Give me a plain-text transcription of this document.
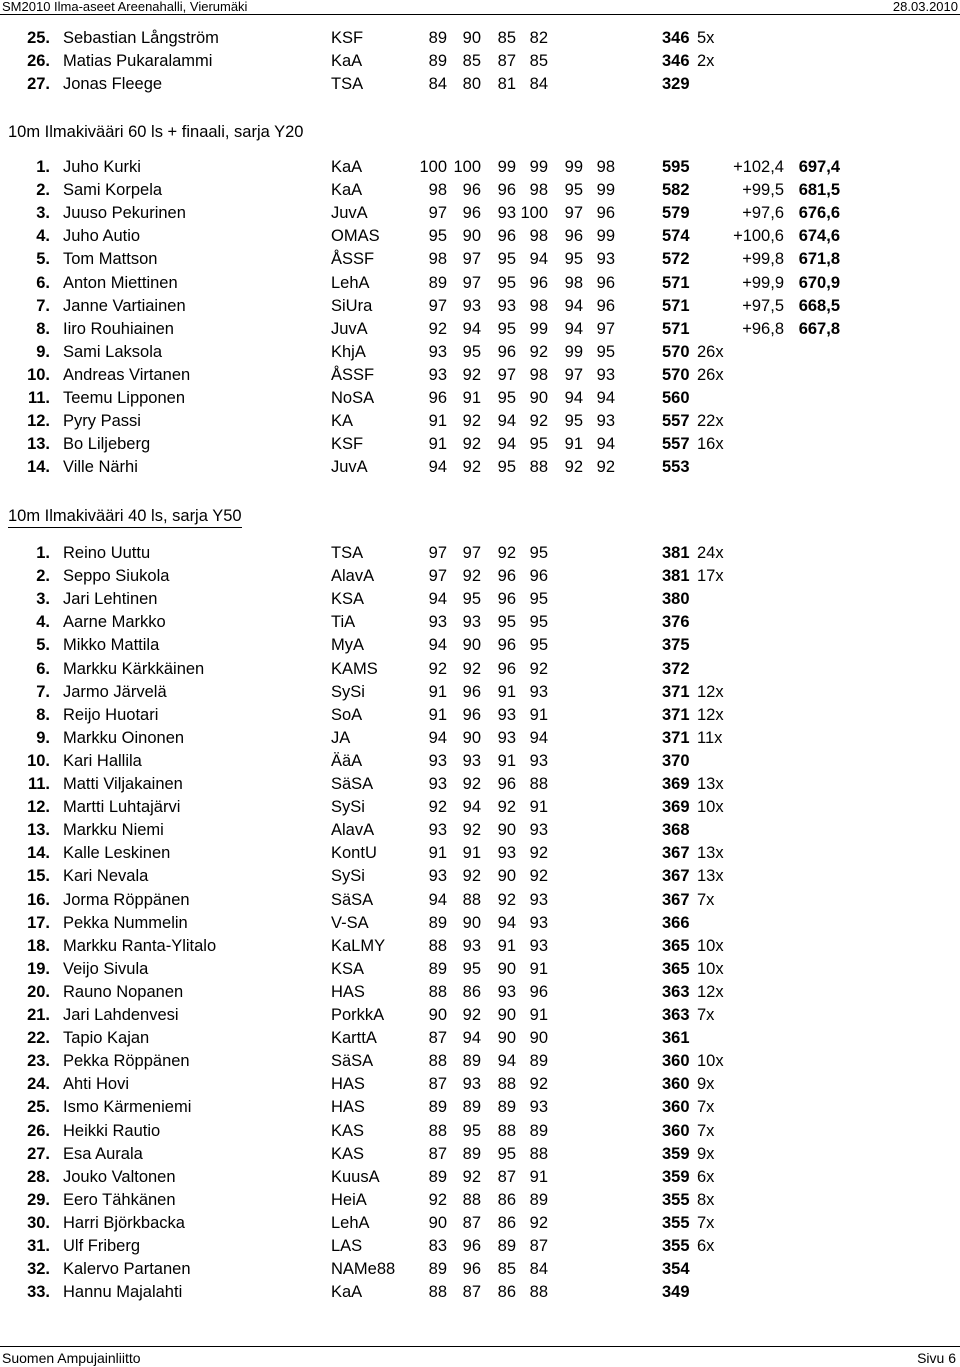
SM2010 Ilma-aseet Areenahalli, Vierumäki	28.03.2010
25. Sebastian Långström	KSF	89 90	85 82	346 5x
26. Matias Pukaralammi	KaA	89 85	87 85	346 2x
27. Jonas Fleege	TSA	84 80	81 84	329
10m Ilmakivääri 60 ls + finaali, sarja Y20
1. Juho Kurki	KaA	100 100	99 99	99 98	595	+102,4 697,4
2. Sami Korpela	KaA	98 96	96 98	95 99	582	+99,5 681,5
3. Juuso Pekurinen	JuvA	97 96	93 100	97 96	579	+97,6 676,6
4. Juho Autio	OMAS	95 90	96 98	96 99	574	+100,6 674,6
5. Tom Mattson	ÅSSF	98 97	95 94	95 93	572	+99,8 671,8
6. Anton Miettinen	LehA	89 97	95 96	98 96	571	+99,9 670,9
7. Janne Vartiainen	SiUra	97 93	93 98	94 96	571	+97,5 668,5
8. Iiro Rouhiainen	JuvA	92 94	95 99	94 97	571	+96,8 667,8
9. Sami Laksola	KhjA	93 95	96 92	99 95	570 26x
10. Andreas Virtanen	ÅSSF	93 92	97 98	97 93	570 26x
11. Teemu Lipponen	NoSA	96 91	95 90	94 94	560
12. Pyry Passi	KA	91 92	94 92	95 93	557 22x
13. Bo Liljeberg	KSF	91 92	94 95	91 94	557 16x
14. Ville Närhi	JuvA	94 92	95 88	92 92	553
10m Ilmakivääri 40 ls, sarja Y50
1. Reino Uuttu	TSA	97 97	92 95	381 24x
2. Seppo Siukola	AlavA	97 92	96 96	381 17x
3. Jari Lehtinen	KSA	94 95	96 95	380
4. Aarne Markko	TiA	93 93	95 95	376
5. Mikko Mattila	MyA	94 90	96 95	375
6. Markku Kärkkäinen	KAMS	92 92	96 92	372
7. Jarmo Järvelä	SySi	91 96	91 93	371 12x
8. Reijo Huotari	SoA	91 96	93 91	371 12x
9. Markku Oinonen	JA	94 90	93 94	371 11x
10. Kari Hallila	ÄäA	93 93	91 93	370
11. Matti Viljakainen	SäSA	93 92	96 88	369 13x
12. Martti Luhtajärvi	SySi	92 94	92 91	369 10x
13. Markku Niemi	AlavA	93 92	90 93	368
14. Kalle Leskinen	KontU	91 91	93 92	367 13x
15. Kari Nevala	SySi	93 92	90 92	367 13x
16. Jorma Röppänen	SäSA	94 88	92 93	367 7x
17. Pekka Nummelin	V-SA	89 90	94 93	366
18. Markku Ranta-Ylitalo	KaLMY	88 93	91 93	365 10x
19. Veijo Sivula	KSA	89 95	90 91	365 10x
20. Rauno Nopanen	HAS	88 86	93 96	363 12x
21. Jari Lahdenvesi	PorkkA	90 92	90 91	363 7x
22. Tapio Kajan	KarttA	87 94	90 90	361
23. Pekka Röppänen	SäSA	88 89	94 89	360 10x
24. Ahti Hovi	HAS	87 93	88 92	360 9x
25. Ismo Kärmeniemi	HAS	89 89	89 93	360 7x
26. Heikki Rautio	KAS	88 95	88 89	360 7x
27. Esa Aurala	KAS	87 89	95 88	359 9x
28. Jouko Valtonen	KuusA	89 92	87 91	359 6x
29. Eero Tähkänen	HeiA	92 88	86 89	355 8x
30. Harri Björkbacka	LehA	90 87	86 92	355 7x
31. Ulf Friberg	LAS	83 96	89 87	355 6x
32. Kalervo Partanen	NAMe88	89 96	85 84	354
33. Hannu Majalahti	KaA	88 87	86 88	349
Suomen Ampujainliitto	Sivu 6
